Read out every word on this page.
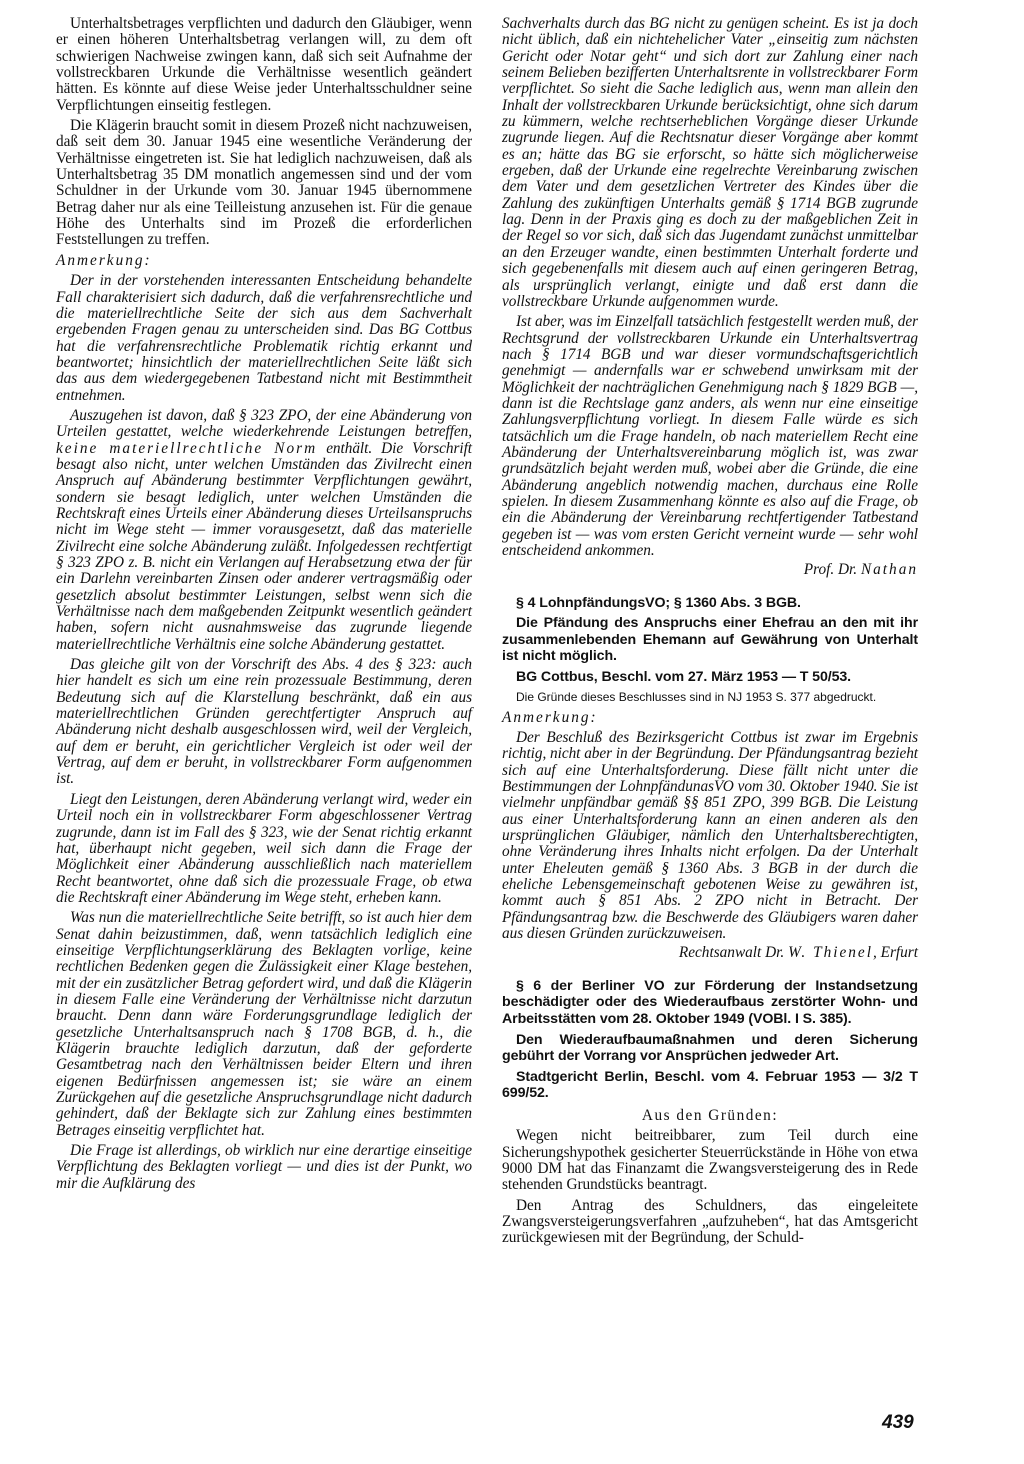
Unterhaltsbetrages verpflichten und dadurch den Gläubiger, wenn er einen höheren Unterhaltsbetrag verlangen will, zu dem oft schwierigen Nachweise zwingen kann, daß sich seit Aufnahme der vollstreckbaren Urkunde die Verhältnisse wesentlich geändert hätten. Es könnte auf diese Weise jeder Unterhaltsschuldner seine Verpflichtungen einseitig festlegen.

Die Klägerin braucht somit in diesem Prozeß nicht nachzuweisen, daß seit dem 30. Januar 1945 eine wesentliche Veränderung der Verhältnisse eingetreten ist. Sie hat lediglich nachzuweisen, daß als Unterhaltsbetrag 35 DM monatlich angemessen sind und der vom Schuldner in der Urkunde vom 30. Januar 1945 übernommene Betrag daher nur als eine Teilleistung anzusehen ist. Für die genaue Höhe des Unterhalts sind im Prozeß die erforderlichen Feststellungen zu treffen.

Anmerkung:

Der in der vorstehenden interessanten Entscheidung behandelte Fall charakterisiert sich dadurch, daß die verfahrensrechtliche und die materiellrechtliche Seite der sich aus dem Sachverhalt ergebenden Fragen genau zu unterscheiden sind. Das BG Cottbus hat die verfahrensrechtliche Problematik richtig erkannt und beantwortet; hinsichtlich der materiellrechtlichen Seite läßt sich das aus dem wiedergegebenen Tatbestand nicht mit Bestimmtheit entnehmen.

Auszugehen ist davon, daß § 323 ZPO, der eine Abänderung von Urteilen gestattet, welche wiederkehrende Leistungen betreffen, keine materiellrechtliche Norm enthält. Die Vorschrift besagt also nicht, unter welchen Umständen das Zivilrecht einen Anspruch auf Abänderung bestimmter Verpflichtungen gewährt, sondern sie besagt lediglich, unter welchen Umständen die Rechtskraft eines Urteils einer Abänderung dieses Urteilsanspruchs nicht im Wege steht — immer vorausgesetzt, daß das materielle Zivilrecht eine solche Abänderung zuläßt. Infolgedessen rechtfertigt § 323 ZPO z. B. nicht ein Verlangen auf Herabsetzung etwa der für ein Darlehn vereinbarten Zinsen oder anderer vertragsmäßig oder gesetzlich absolut bestimmter Leistungen, selbst wenn sich die Verhältnisse nach dem maßgebenden Zeitpunkt wesentlich geändert haben, sofern nicht ausnahmsweise das zugrunde liegende materiellrechtliche Verhältnis eine solche Abänderung gestattet.

Das gleiche gilt von der Vorschrift des Abs. 4 des § 323: auch hier handelt es sich um eine rein prozessuale Bestimmung, deren Bedeutung sich auf die Klarstellung beschränkt, daß ein aus materiellrechtlichen Gründen gerechtfertigter Anspruch auf Abänderung nicht deshalb ausgeschlossen wird, weil der Vergleich, auf dem er beruht, ein gerichtlicher Vergleich ist oder weil der Vertrag, auf dem er beruht, in vollstreckbarer Form aufgenommen ist.

Liegt den Leistungen, deren Abänderung verlangt wird, weder ein Urteil noch ein in vollstreckbarer Form abgeschlossener Vertrag zugrunde, dann ist im Fall des § 323, wie der Senat richtig erkannt hat, überhaupt nicht gegeben, weil sich dann die Frage der Möglichkeit einer Abänderung ausschließlich nach materiellem Recht beantwortet, ohne daß sich die prozessuale Frage, ob etwa die Rechtskraft einer Abänderung im Wege steht, erheben kann.

Was nun die materiellrechtliche Seite betrifft, so ist auch hier dem Senat dahin beizustimmen, daß, wenn tatsächlich lediglich eine einseitige Verpflichtungserklärung des Beklagten vorlige, keine rechtlichen Bedenken gegen die Zulässigkeit einer Klage bestehen, mit der ein zusätzlicher Betrag gefordert wird, und daß die Klägerin in diesem Falle eine Veränderung der Verhältnisse nicht darzutun braucht. Denn dann wäre Forderungsgrundlage lediglich der gesetzliche Unterhaltsanspruch nach § 1708 BGB, d. h., die Klägerin brauchte lediglich darzutun, daß der geforderte Gesamtbetrag nach den Verhältnissen beider Eltern und ihren eigenen Bedürfnissen angemessen ist; sie wäre an einem Zurückgehen auf die gesetzliche Anspruchsgrundlage nicht dadurch gehindert, daß der Beklagte sich zur Zahlung eines bestimmten Betrages einseitig verpflichtet hat.

Die Frage ist allerdings, ob wirklich nur eine derartige einseitige Verpflichtung des Beklagten vorliegt — und dies ist der Punkt, wo mir die Aufklärung des

Sachverhalts durch das BG nicht zu genügen scheint. Es ist ja doch nicht üblich, daß ein nichtehelicher Vater „einseitig zum nächsten Gericht oder Notar geht“ und sich dort zur Zahlung einer nach seinem Belieben bezifferten Unterhaltsrente in vollstreckbarer Form verpflichtet. So sieht die Sache lediglich aus, wenn man allein den Inhalt der vollstreckbaren Urkunde berücksichtigt, ohne sich darum zu kümmern, welche rechtserheblichen Vorgänge dieser Urkunde zugrunde liegen. Auf die Rechtsnatur dieser Vorgänge aber kommt es an; hätte das BG sie erforscht, so hätte sich möglicherweise ergeben, daß der Urkunde eine regelrechte Vereinbarung zwischen dem Vater und dem gesetzlichen Vertreter des Kindes über die Zahlung des zukünftigen Unterhalts gemäß § 1714 BGB zugrunde lag. Denn in der Praxis ging es doch zu der maßgeblichen Zeit in der Regel so vor sich, daß sich das Jugendamt zunächst unmittelbar an den Erzeuger wandte, einen bestimmten Unterhalt forderte und sich gegebenenfalls mit diesem auch auf einen geringeren Betrag, als ursprünglich verlangt, einigte und daß erst dann die vollstreckbare Urkunde aufgenommen wurde.

Ist aber, was im Einzelfall tatsächlich festgestellt werden muß, der Rechtsgrund der vollstreckbaren Urkunde ein Unterhaltsvertrag nach § 1714 BGB und war dieser vormundschaftsgerichtlich genehmigt — andernfalls war er schwebend unwirksam mit der Möglichkeit der nachträglichen Genehmigung nach § 1829 BGB —, dann ist die Rechtslage ganz anders, als wenn nur eine einseitige Zahlungsverpflichtung vorliegt. In diesem Falle würde es sich tatsächlich um die Frage handeln, ob nach materiellem Recht eine Abänderung der Unterhaltsvereinbarung möglich ist, was zwar grundsätzlich bejaht werden muß, wobei aber die Gründe, die eine Abänderung angeblich notwendig machen, durchaus eine Rolle spielen. In diesem Zusammenhang könnte es also auf die Frage, ob ein die Abänderung der Vereinbarung rechtfertigender Tatbestand gegeben ist — was vom ersten Gericht verneint wurde — sehr wohl entscheidend ankommen.

Prof. Dr. Nathan

§ 4 LohnpfändungsVO; § 1360 Abs. 3 BGB.

Die Pfändung des Anspruchs einer Ehefrau an den mit ihr zusammenlebenden Ehemann auf Gewährung von Unterhalt ist nicht möglich.

BG Cottbus, Beschl. vom 27. März 1953 — T 50/53.

Die Gründe dieses Beschlusses sind in NJ 1953 S. 377 abgedruckt.

Anmerkung:

Der Beschluß des Bezirksgericht Cottbus ist zwar im Ergebnis richtig, nicht aber in der Begründung. Der Pfändungsantrag bezieht sich auf eine Unterhaltsforderung. Diese fällt nicht unter die Bestimmungen der LohnpfändunasVO vom 30. Oktober 1940. Sie ist vielmehr unpfändbar gemäß §§ 851 ZPO, 399 BGB. Die Leistung aus einer Unterhaltsforderung kann an einen anderen als den ursprünglichen Gläubiger, nämlich den Unterhaltsberechtigten, ohne Veränderung ihres Inhalts nicht erfolgen. Da der Unterhalt unter Eheleuten gemäß § 1360 Abs. 3 BGB in der durch die eheliche Lebensgemeinschaft gebotenen Weise zu gewähren ist, kommt auch § 851 Abs. 2 ZPO nicht in Betracht. Der Pfändungsantrag bzw. die Beschwerde des Gläubigers waren daher aus diesen Gründen zurückzuweisen.

Rechtsanwalt Dr. W. Thienel, Erfurt

§ 6 der Berliner VO zur Förderung der Instandsetzung beschädigter oder des Wiederaufbaus zerstörter Wohn- und Arbeitsstätten vom 28. Oktober 1949 (VOBl. I S. 385).

Den Wiederaufbaumaßnahmen und deren Sicherung gebührt der Vorrang vor Ansprüchen jedweder Art.

Stadtgericht Berlin, Beschl. vom 4. Februar 1953 — 3/2 T 699/52.

Aus den Gründen:

Wegen nicht beitreibbarer, zum Teil durch eine Sicherungshypothek gesicherter Steuerrückstände in Höhe von etwa 9000 DM hat das Finanzamt die Zwangsversteigerung des in Rede stehenden Grundstücks beantragt.

Den Antrag des Schuldners, das eingeleitete Zwangsversteigerungsverfahren „aufzuheben“, hat das Amtsgericht zurückgewiesen mit der Begründung, der Schuld-

439
